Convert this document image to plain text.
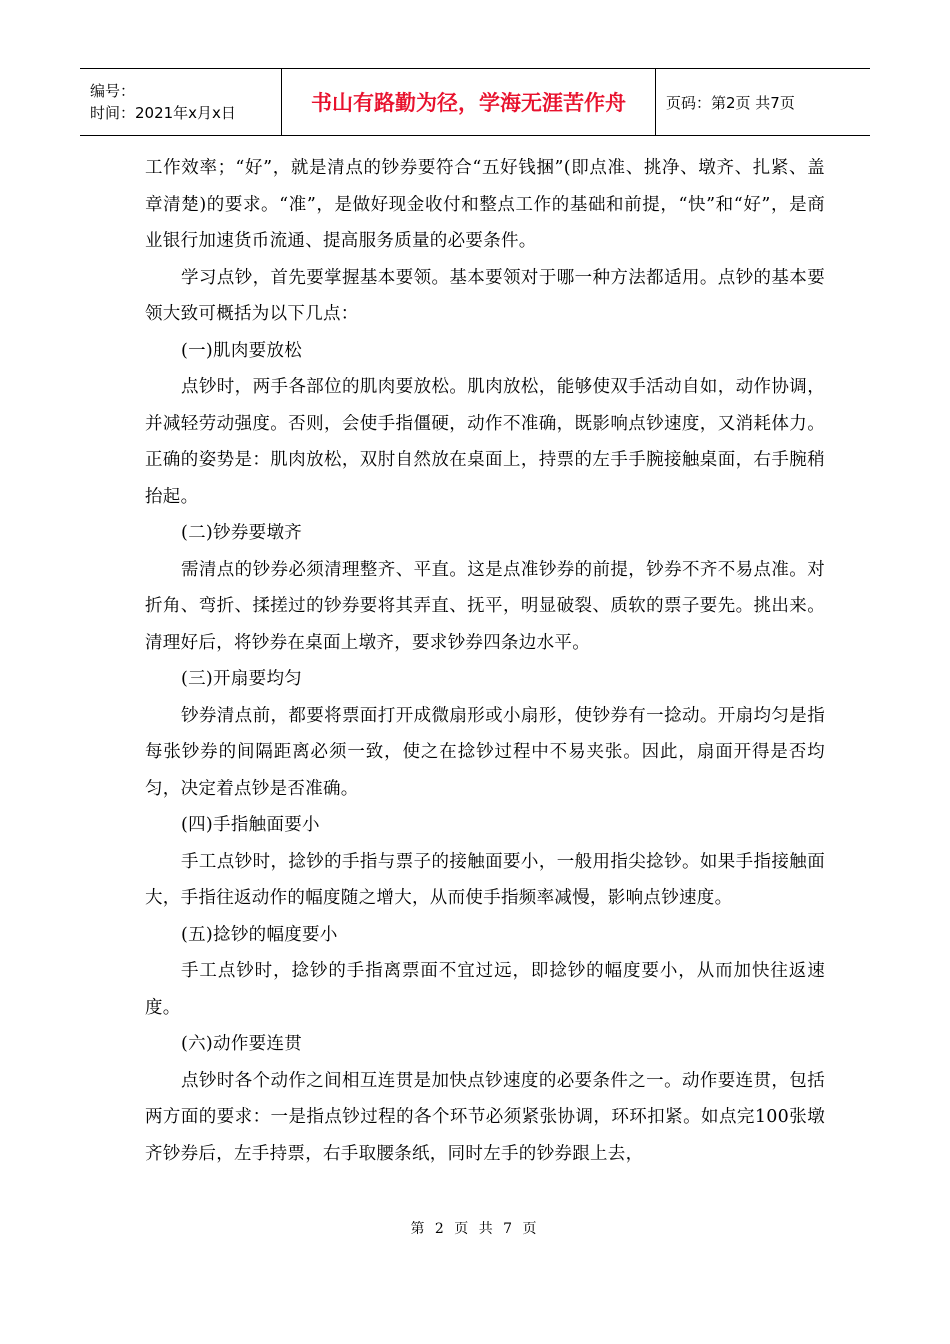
编号：
时间：2021年x月x日	书山有路勤为径，学海无涯苦作舟	页码：第2页 共7页

工作效率；“好”，就是清点的钞券要符合“五好钱捆”(即点准、挑净、墩齐、扎紧、盖章清楚)的要求。“准”，是做好现金收付和整点工作的基础和前提，“快”和“好”，是商业银行加速货币流通、提高服务质量的必要条件。

学习点钞，首先要掌握基本要领。基本要领对于哪一种方法都适用。点钞的基本要领大致可概括为以下几点：

(一)肌肉要放松

点钞时，两手各部位的肌肉要放松。肌肉放松，能够使双手活动自如，动作协调，并减轻劳动强度。否则，会使手指僵硬，动作不准确，既影响点钞速度，又消耗体力。正确的姿势是：肌肉放松，双肘自然放在桌面上，持票的左手手腕接触桌面，右手腕稍抬起。

(二)钞券要墩齐

需清点的钞券必须清理整齐、平直。这是点准钞券的前提，钞券不齐不易点准。对折角、弯折、揉搓过的钞券要将其弄直、抚平，明显破裂、质软的票子要先。挑出来。清理好后，将钞券在桌面上墩齐，要求钞券四条边水平。

(三)开扇要均匀

钞券清点前，都要将票面打开成微扇形或小扇形，使钞券有一捻动。开扇均匀是指每张钞券的间隔距离必须一致，使之在捻钞过程中不易夹张。因此，扇面开得是否均匀，决定着点钞是否准确。

(四)手指触面要小

手工点钞时，捻钞的手指与票子的接触面要小，一般用指尖捻钞。如果手指接触面大，手指往返动作的幅度随之增大，从而使手指频率减慢，影响点钞速度。

(五)捻钞的幅度要小

手工点钞时，捻钞的手指离票面不宜过远，即捻钞的幅度要小，从而加快往返速度。

(六)动作要连贯

点钞时各个动作之间相互连贯是加快点钞速度的必要条件之一。动作要连贯，包括两方面的要求：一是指点钞过程的各个环节必须紧张协调，环环扣紧。如点完100张墩齐钞券后，左手持票，右手取腰条纸，同时左手的钞券跟上去，

第 2 页 共 7 页
